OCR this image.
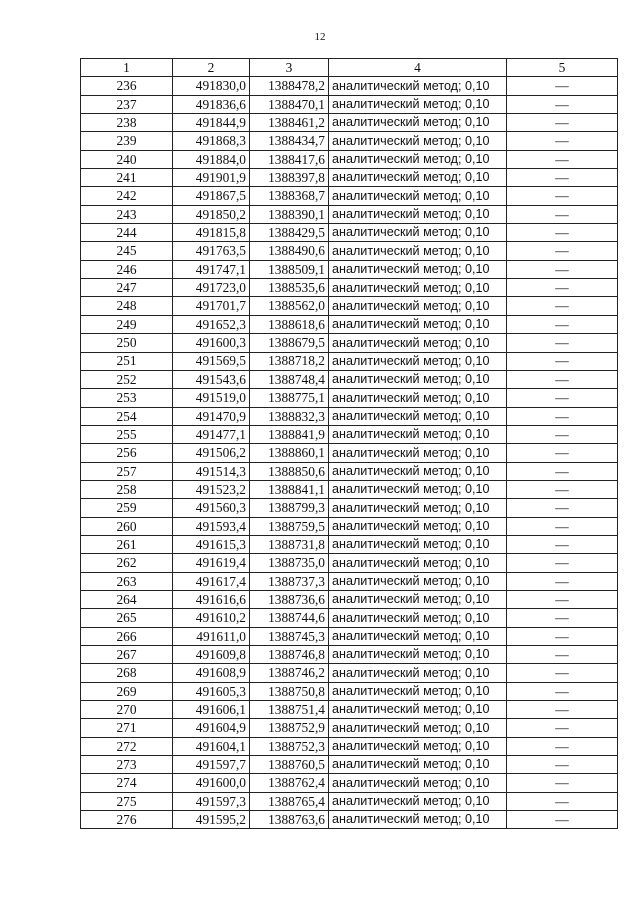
12
1	2	3	4	5
236	491830,0	1388478,2	аналитический метод; 0,10	—
237	491836,6	1388470,1	аналитический метод; 0,10	—
238	491844,9	1388461,2	аналитический метод; 0,10	—
239	491868,3	1388434,7	аналитический метод; 0,10	—
240	491884,0	1388417,6	аналитический метод; 0,10	—
241	491901,9	1388397,8	аналитический метод; 0,10	—
242	491867,5	1388368,7	аналитический метод; 0,10	—
243	491850,2	1388390,1	аналитический метод; 0,10	—
244	491815,8	1388429,5	аналитический метод; 0,10	—
245	491763,5	1388490,6	аналитический метод; 0,10	—
246	491747,1	1388509,1	аналитический метод; 0,10	—
247	491723,0	1388535,6	аналитический метод; 0,10	—
248	491701,7	1388562,0	аналитический метод; 0,10	—
249	491652,3	1388618,6	аналитический метод; 0,10	—
250	491600,3	1388679,5	аналитический метод; 0,10	—
251	491569,5	1388718,2	аналитический метод; 0,10	—
252	491543,6	1388748,4	аналитический метод; 0,10	—
253	491519,0	1388775,1	аналитический метод; 0,10	—
254	491470,9	1388832,3	аналитический метод; 0,10	—
255	491477,1	1388841,9	аналитический метод; 0,10	—
256	491506,2	1388860,1	аналитический метод; 0,10	—
257	491514,3	1388850,6	аналитический метод; 0,10	—
258	491523,2	1388841,1	аналитический метод; 0,10	—
259	491560,3	1388799,3	аналитический метод; 0,10	—
260	491593,4	1388759,5	аналитический метод; 0,10	—
261	491615,3	1388731,8	аналитический метод; 0,10	—
262	491619,4	1388735,0	аналитический метод; 0,10	—
263	491617,4	1388737,3	аналитический метод; 0,10	—
264	491616,6	1388736,6	аналитический метод; 0,10	—
265	491610,2	1388744,6	аналитический метод; 0,10	—
266	491611,0	1388745,3	аналитический метод; 0,10	—
267	491609,8	1388746,8	аналитический метод; 0,10	—
268	491608,9	1388746,2	аналитический метод; 0,10	—
269	491605,3	1388750,8	аналитический метод; 0,10	—
270	491606,1	1388751,4	аналитический метод; 0,10	—
271	491604,9	1388752,9	аналитический метод; 0,10	—
272	491604,1	1388752,3	аналитический метод; 0,10	—
273	491597,7	1388760,5	аналитический метод; 0,10	—
274	491600,0	1388762,4	аналитический метод; 0,10	—
275	491597,3	1388765,4	аналитический метод; 0,10	—
276	491595,2	1388763,6	аналитический метод; 0,10	—
